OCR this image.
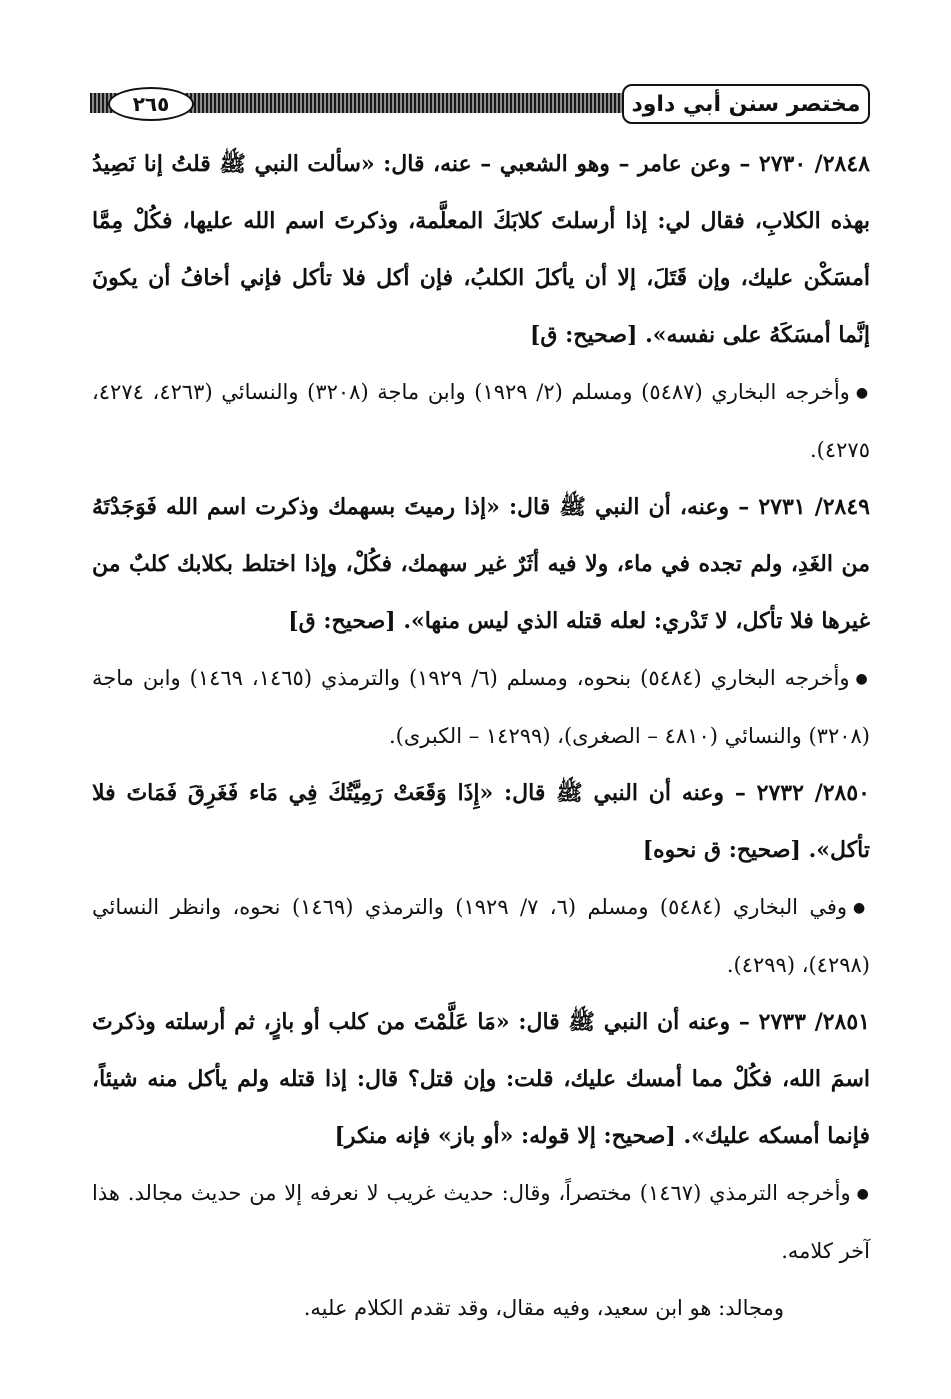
مختصر سنن أبي داود
٢٦٥

٢٨٤٨/ ٢٧٣٠ – وعن عامر – وهو الشعبي – عنه، قال: «سألت النبي ﷺ قلتُ إنا نَصِيدُ بهذه الكلابِ، فقال لي: إذا أرسلتَ كلابَكَ المعلَّمة، وذكرتَ اسم الله عليها، فكُلْ مِمَّا أمسَكْن عليك، وإن قَتَلَ، إلا أن يأكلَ الكلبُ، فإن أكل فلا تأكل فإني أخافُ أن يكونَ إنَّما أمسَكَهُ على نفسه». [صحيح: ق]

●وأخرجه البخاري (٥٤٨٧) ومسلم (٢/ ١٩٢٩) وابن ماجة (٣٢٠٨) والنسائي (٤٢٦٣، ٤٢٧٤، ٤٢٧٥).

٢٨٤٩/ ٢٧٣١ – وعنه، أن النبي ﷺ قال: «إذا رميتَ بسهمك وذكرت اسم الله فَوَجَدْتَهُ من الغَدِ، ولم تجده في ماء، ولا فيه أثَرٌ غير سهمك، فكُلْ، وإذا اختلط بكلابك كلبٌ من غيرها فلا تأكل، لا تَدْري: لعله قتله الذي ليس منها». [صحيح: ق]

●وأخرجه البخاري (٥٤٨٤) بنحوه، ومسلم (٦/ ١٩٢٩) والترمذي (١٤٦٥، ١٤٦٩) وابن ماجة (٣٢٠٨) والنسائي (٤٨١٠ – الصغرى)، (١٤٢٩٩ – الكبرى).

٢٨٥٠/ ٢٧٣٢ – وعنه أن النبي ﷺ قال: «إِذَا وَقَعَتْ رَمِيَّتُكَ فِي مَاء فَغَرِقَ فَمَاتَ فلا تأكل». [صحيح: ق نحوه]

●وفي البخاري (٥٤٨٤) ومسلم (٦، ٧/ ١٩٢٩) والترمذي (١٤٦٩) نحوه، وانظر النسائي (٤٢٩٨)، (٤٢٩٩).

٢٨٥١/ ٢٧٣٣ – وعنه أن النبي ﷺ قال: «مَا عَلَّمْتَ من كلب أو بازٍ، ثم أرسلته وذكرتَ اسمَ الله، فكُلْ مما أمسك عليك، قلت: وإن قتل؟ قال: إذا قتله ولم يأكل منه شيئاً، فإنما أمسكه عليك». [صحيح: إلا قوله: «أو باز» فإنه منكر]

●وأخرجه الترمذي (١٤٦٧) مختصراً، وقال: حديث غريب لا نعرفه إلا من حديث مجالد. هذا آخر كلامه.

ومجالد: هو ابن سعيد، وفيه مقال، وقد تقدم الكلام عليه.
